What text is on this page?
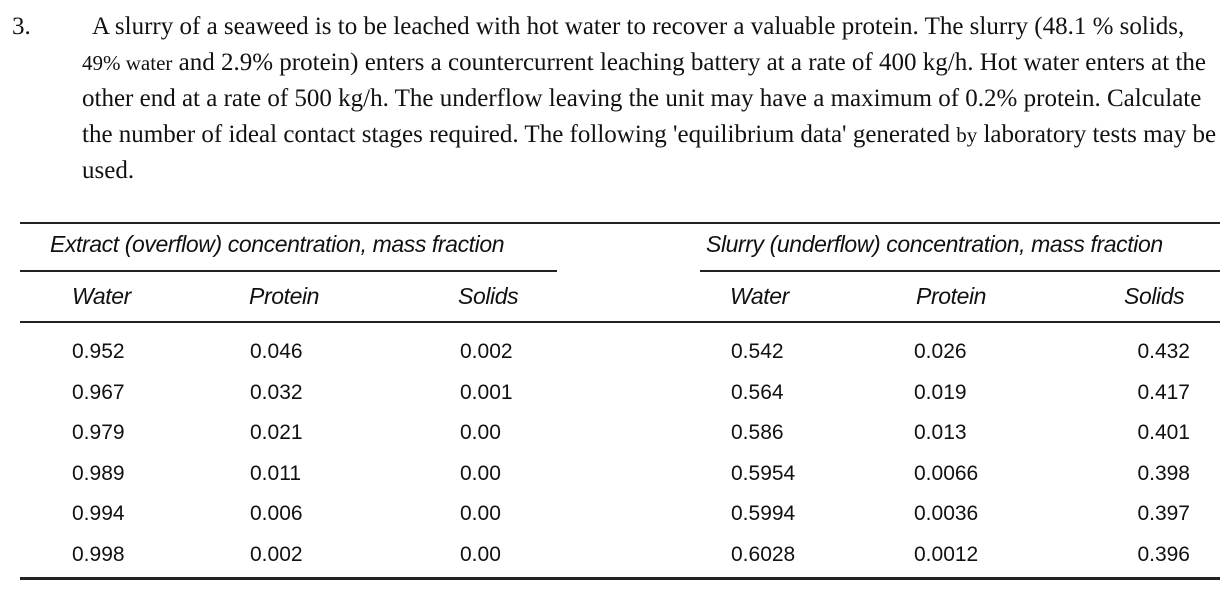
3.	A slurry of a seaweed is to be leached with hot water to recover a valuable protein. The slurry (48.1 % solids, 49% water and 2.9% protein) enters a countercurrent leaching battery at a rate of 400 kg/h. Hot water enters at the other end at a rate of 500 kg/h. The underflow leaving the unit may have a maximum of 0.2% protein. Calculate the number of ideal contact stages required. The following 'equilibrium data' generated by laboratory tests may be used.
Extract (overflow) concentration, mass fraction	Slurry (underflow) concentration, mass fraction
Water	Protein	Solids	Water	Protein	Solids
0.952	0.046	0.002	0.542	0.026	0.432
0.967	0.032	0.001	0.564	0.019	0.417
0.979	0.021	0.00	0.586	0.013	0.401
0.989	0.011	0.00	0.5954	0.0066	0.398
0.994	0.006	0.00	0.5994	0.0036	0.397
0.998	0.002	0.00	0.6028	0.0012	0.396
